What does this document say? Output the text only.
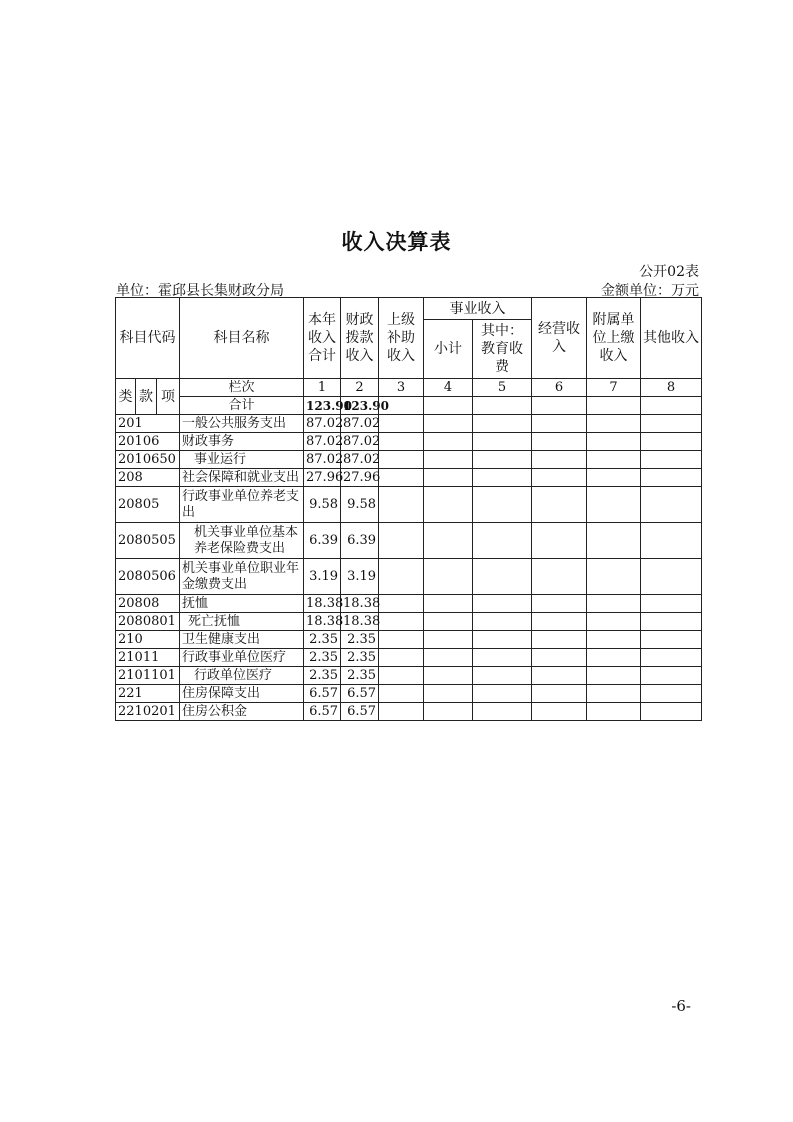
收入决算表
公开02表
单位：霍邱县长集财政分局	金额单位：万元
科目代码			科目名称	本年收入合计	财政拨款收入	上级补助收入	事业收入		经营收入	附属单位上缴收入	其他收入
							小计	其中：教育收费			

类	款	项	栏次	1	2	3	4	5	6	7	8
			合计	123.90	123.90						
201			一般公共服务支出	87.02	87.02						
20106			财政事务	87.02	87.02						
2010650			事业运行	87.02	87.02						
208			社会保障和就业支出	27.96	27.96						
20805			行政事业单位养老支出	9.58	9.58						
2080505			机关事业单位基本养老保险费支出	6.39	6.39						
2080506			机关事业单位职业年金缴费支出	3.19	3.19						
20808			抚恤	18.38	18.38						
2080801			死亡抚恤	18.38	18.38						
210			卫生健康支出	2.35	2.35						
21011			行政事业单位医疗	2.35	2.35						
2101101			行政单位医疗	2.35	2.35						
221			住房保障支出	6.57	6.57						
2210201			住房公积金	6.57	6.57						
-6-
